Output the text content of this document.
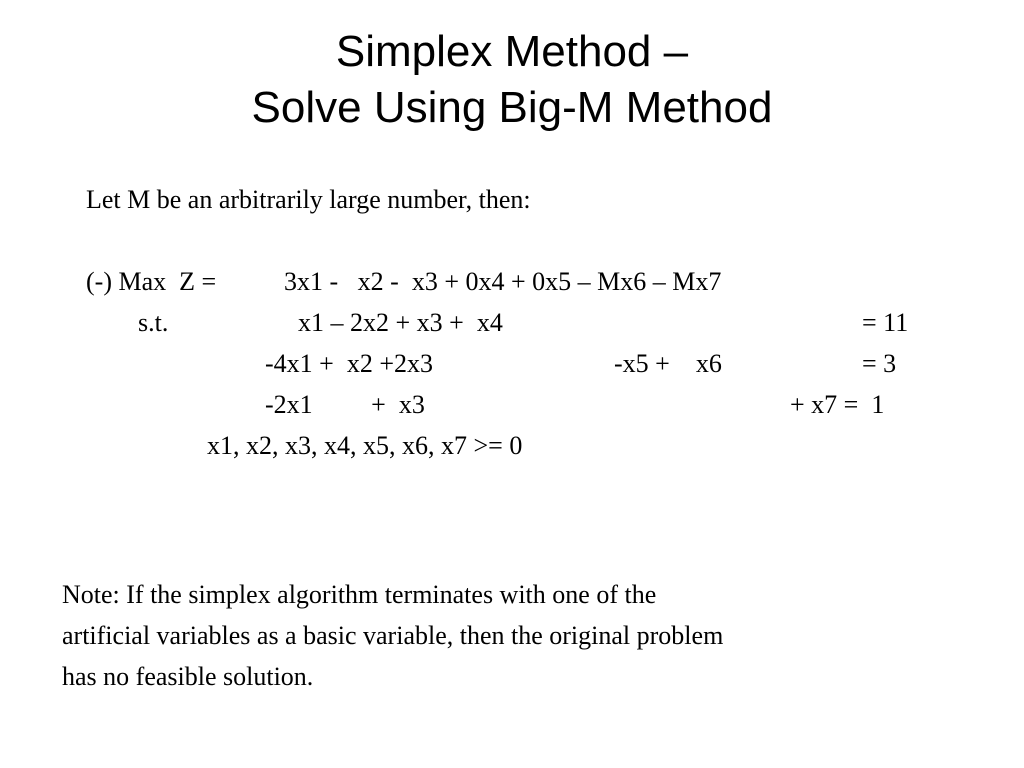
Simplex Method –
Solve Using Big-M Method
Let M be an arbitrarily large number, then:
(-) Max  Z =	3x1 -   x2 -  x3 + 0x4 + 0x5 – Mx6 – Mx7
s.t.	x1 – 2x2 + x3 +  x4	= 11
-4x1 +  x2 +2x3	-x5 +    x6	= 3
-2x1         +  x3	+ x7 =  1
x1, x2, x3, x4, x5, x6, x7 >= 0

Note: If the simplex algorithm terminates with one of the
artificial variables as a basic variable, then the original problem
has no feasible solution.
